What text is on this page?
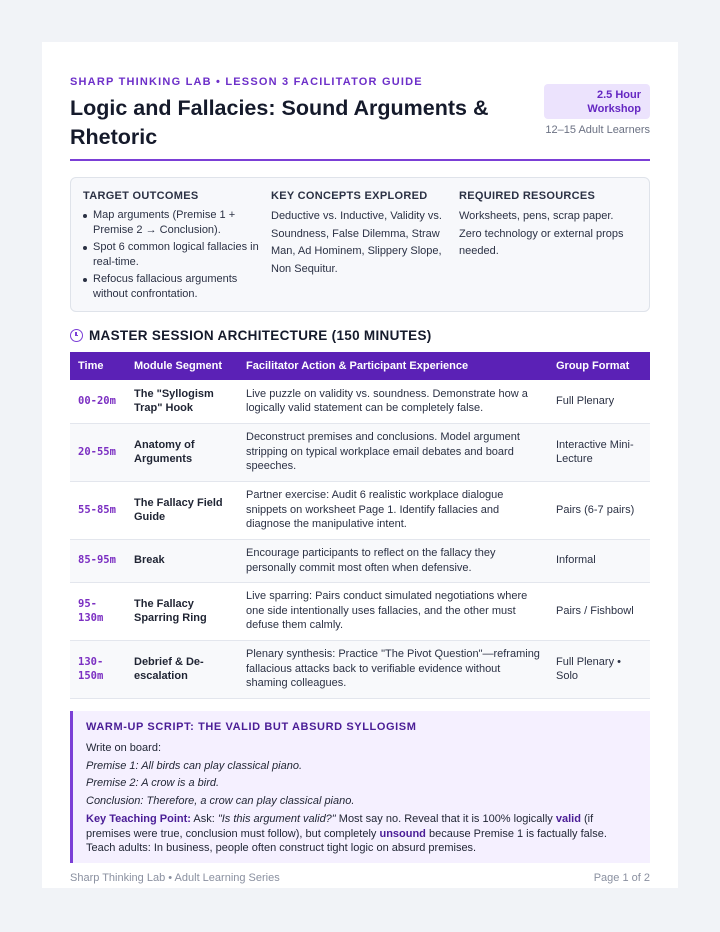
SHARP THINKING LAB • LESSON 3 FACILITATOR GUIDE
Logic and Fallacies: Sound Arguments & Rhetoric
2.5 Hour
Workshop
12–15 Adult Learners
TARGET OUTCOMES
Map arguments (Premise 1 + Premise 2 → Conclusion).
Spot 6 common logical fallacies in real-time.
Refocus fallacious arguments without confrontation.
KEY CONCEPTS EXPLORED

Deductive vs. Inductive, Validity vs. Soundness, False Dilemma, Straw Man, Ad Hominem, Slippery Slope, Non Sequitur.

REQUIRED RESOURCES

Worksheets, pens, scrap paper. Zero technology or external props needed.

MASTER SESSION ARCHITECTURE (150 MINUTES)
Time	Module Segment	Facilitator Action & Participant Experience	Group Format
00-20m	The "Syllogism Trap" Hook	Live puzzle on validity vs. soundness. Demonstrate how a logically valid statement can be completely false.	Full Plenary
20-55m	Anatomy of Arguments	Deconstruct premises and conclusions. Model argument stripping on typical workplace email debates and board speeches.	Interactive Mini-Lecture
55-85m	The Fallacy Field Guide	Partner exercise: Audit 6 realistic workplace dialogue snippets on worksheet Page 1. Identify fallacies and diagnose the manipulative intent.	Pairs (6-7 pairs)
85-95m	Break	Encourage participants to reflect on the fallacy they personally commit most often when defensive.	Informal
95-130m	The Fallacy Sparring Ring	Live sparring: Pairs conduct simulated negotiations where one side intentionally uses fallacies, and the other must defuse them calmly.	Pairs / Fishbowl
130-150m	Debrief & De-escalation	Plenary synthesis: Practice "The Pivot Question"—reframing fallacious attacks back to verifiable evidence without shaming colleagues.	Full Plenary • Solo
WARM-UP SCRIPT: THE VALID BUT ABSURD SYLLOGISM

Write on board:

Premise 1: All birds can play classical piano.

Premise 2: A crow is a bird.

Conclusion: Therefore, a crow can play classical piano.

Key Teaching Point: Ask: "Is this argument valid?" Most say no. Reveal that it is 100% logically valid (if premises were true, conclusion must follow), but completely unsound because Premise 1 is factually false. Teach adults: In business, people often construct tight logic on absurd premises.

Sharp Thinking Lab • Adult Learning Series	Page 1 of 2
